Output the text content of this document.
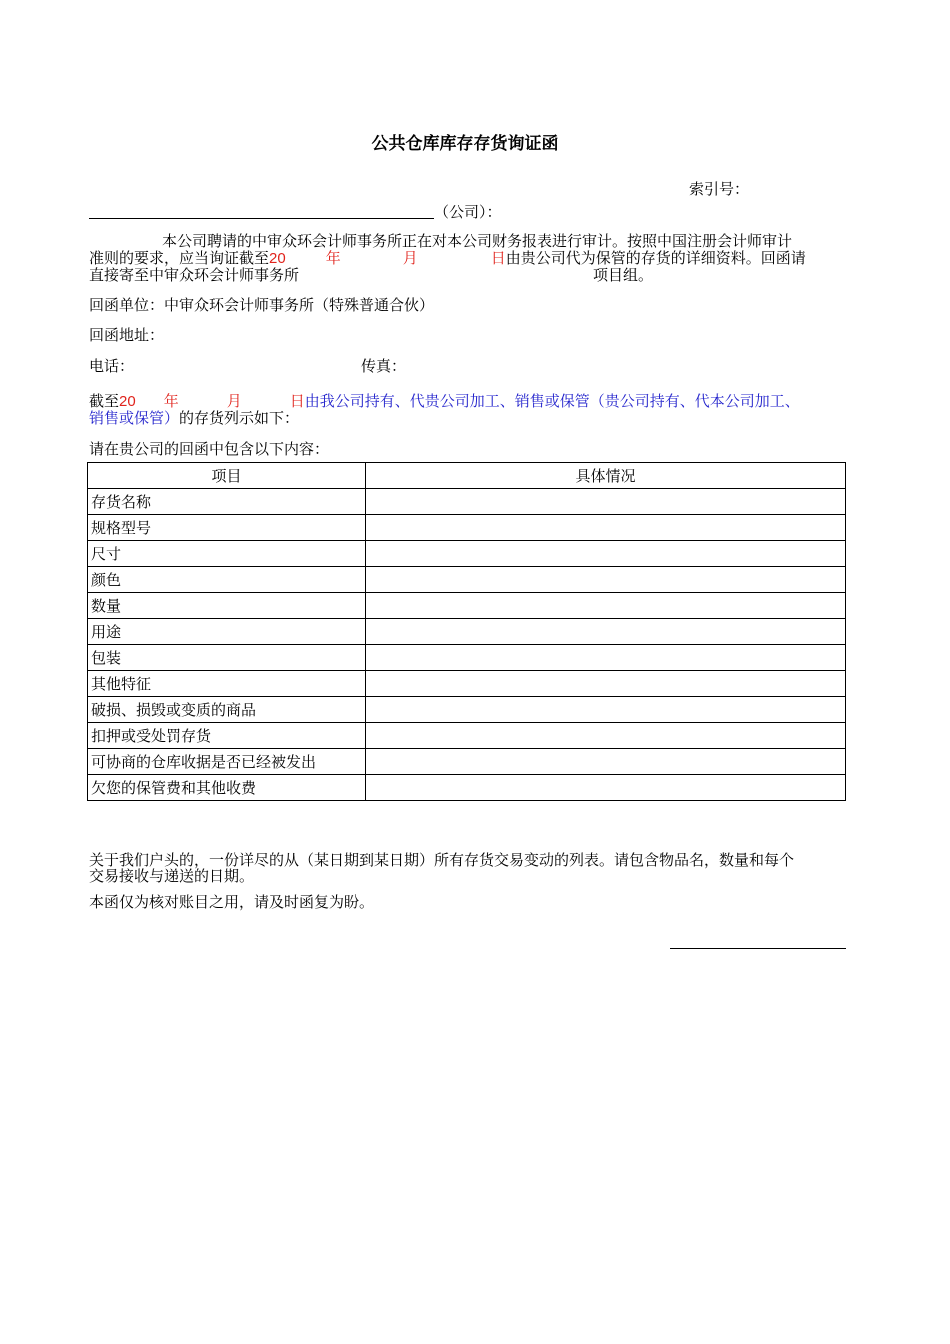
公共仓库库存存货询证函
索引号：
（公司）：
本公司聘请的中审众环会计师事务所正在对本公司财务报表进行审计。按照中国注册会计师审计
准则的要求，应当询证截至20	年	月	日由贵公司代为保管的存货的详细资料。回函请
直接寄至中审众环会计师事务所	项目组。
回函单位：中审众环会计师事务所（特殊普通合伙）
回函地址：
电话：	传真：
截至20 年	月	日由我公司持有、代贵公司加工、销售或保管（贵公司持有、代本公司加工、
销售或保管）的存货列示如下：
请在贵公司的回函中包含以下内容：
项目	具体情况
存货名称	
规格型号	
尺寸	
颜色	
数量	
用途	
包装	
其他特征	
破损、损毁或变质的商品	
扣押或受处罚存货	
可协商的仓库收据是否已经被发出	
欠您的保管费和其他收费	
关于我们户头的，一份详尽的从（某日期到某日期）所有存货交易变动的列表。请包含物品名，数量和每个
交易接收与递送的日期。
本函仅为核对账目之用，请及时函复为盼。
